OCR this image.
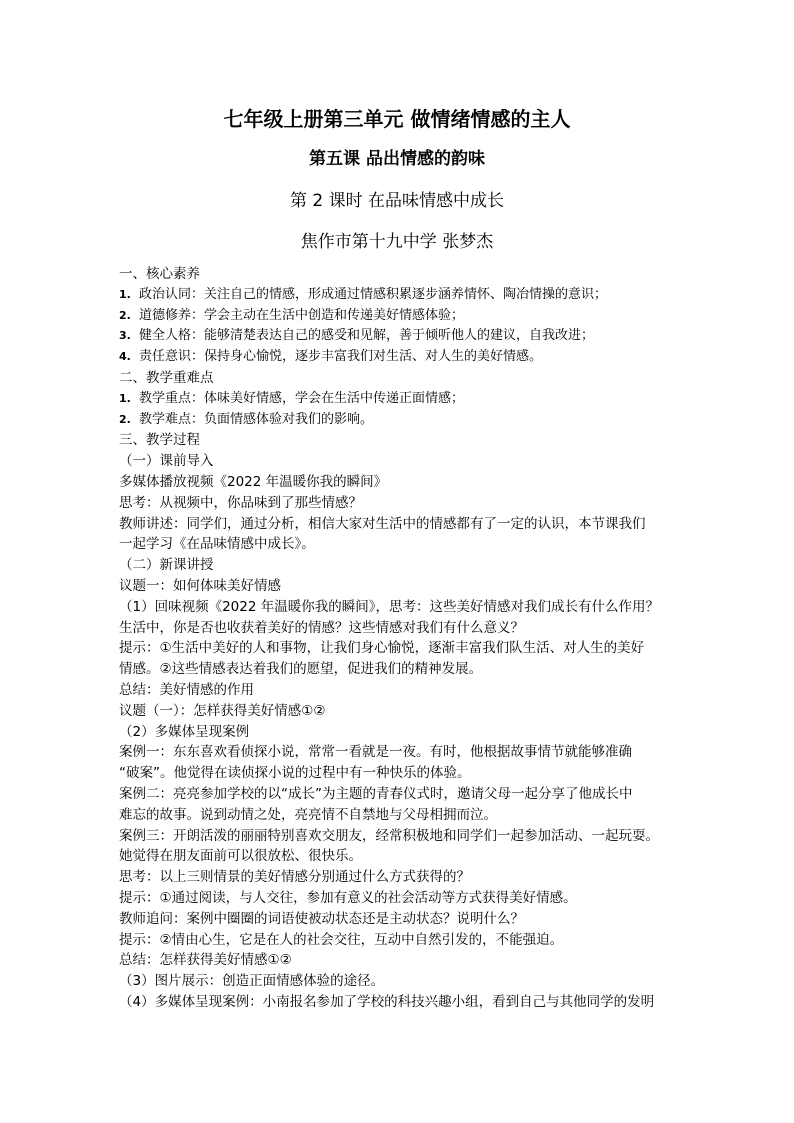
七年级上册第三单元 做情绪情感的主人
第五课 品出情感的韵味
第 2 课时 在品味情感中成长
焦作市第十九中学 张梦杰
一、核心素养
1. 政治认同：关注自己的情感，形成通过情感积累逐步涵养情怀、陶冶情操的意识；
2. 道德修养：学会主动在生活中创造和传递美好情感体验；
3. 健全人格：能够清楚表达自己的感受和见解，善于倾听他人的建议，自我改进；
4. 责任意识：保持身心愉悦，逐步丰富我们对生活、对人生的美好情感。
二、教学重难点
1. 教学重点：体味美好情感，学会在生活中传递正面情感；
2. 教学难点：负面情感体验对我们的影响。
三、教学过程
（一）课前导入
多媒体播放视频《2022 年温暖你我的瞬间》
思考：从视频中，你品味到了那些情感？
教师讲述：同学们，通过分析，相信大家对生活中的情感都有了一定的认识，本节课我们
一起学习《在品味情感中成长》。
（二）新课讲授
议题一：如何体味美好情感
（1）回味视频《2022 年温暖你我的瞬间》，思考：这些美好情感对我们成长有什么作用？
生活中，你是否也收获着美好的情感？这些情感对我们有什么意义？
提示：①生活中美好的人和事物，让我们身心愉悦，逐渐丰富我们队生活、对人生的美好
情感。②这些情感表达着我们的愿望，促进我们的精神发展。
总结：美好情感的作用
议题（一）：怎样获得美好情感①②
（2）多媒体呈现案例
案例一：东东喜欢看侦探小说，常常一看就是一夜。有时，他根据故事情节就能够准确
“破案”。他觉得在读侦探小说的过程中有一种快乐的体验。
案例二：亮亮参加学校的以“成长”为主题的青春仪式时，邀请父母一起分享了他成长中
难忘的故事。说到动情之处，亮亮情不自禁地与父母相拥而泣。
案例三：开朗活泼的丽丽特别喜欢交朋友，经常积极地和同学们一起参加活动、一起玩耍。
她觉得在朋友面前可以很放松、很快乐。
思考：以上三则情景的美好情感分别通过什么方式获得的？
提示：①通过阅读，与人交往，参加有意义的社会活动等方式获得美好情感。
教师追问：案例中圈圈的词语使被动状态还是主动状态？说明什么？
提示：②情由心生，它是在人的社会交往，互动中自然引发的，不能强迫。
总结：怎样获得美好情感①②
（3）图片展示：创造正面情感体验的途径。
（4）多媒体呈现案例：小南报名参加了学校的科技兴趣小组，看到自己与其他同学的发明
